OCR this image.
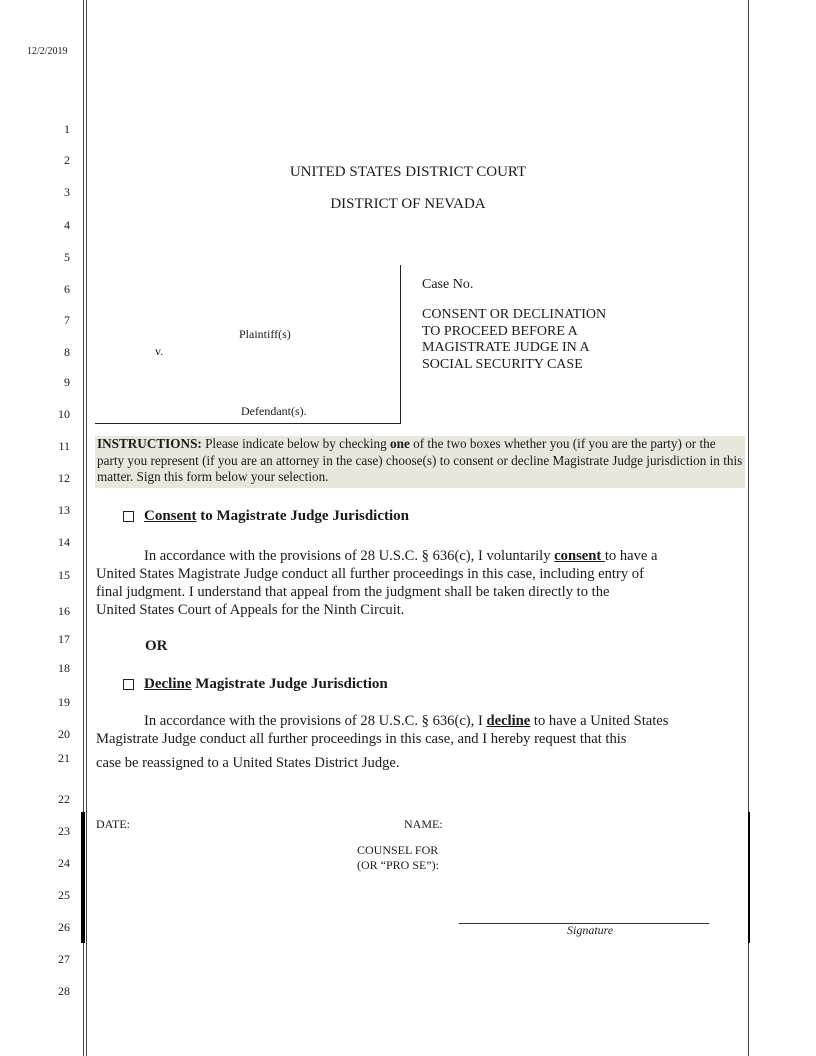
12/2/2019
1
2
3
4
5
6
7
8
9
10
11
12
13
14
15
16
17
18
19
20
21
22
23
24
25
26
27
28
UNITED STATES DISTRICT COURT
DISTRICT OF NEVADA
Plaintiff(s)
v.
Defendant(s).
Case No.
CONSENT OR DECLINATION
TO PROCEED BEFORE A
MAGISTRATE JUDGE IN A
SOCIAL SECURITY CASE
INSTRUCTIONS: Please indicate below by checking one of the two boxes whether you (if you are the party) or the party you represent (if you are an attorney in the case) choose(s) to consent or decline Magistrate Judge jurisdiction in this matter. Sign this form below your selection.
Consent to Magistrate Judge Jurisdiction
In accordance with the provisions of 28 U.S.C. § 636(c), I voluntarily consent to have a
United States Magistrate Judge conduct all further proceedings in this case, including entry of
final judgment. I understand that appeal from the judgment shall be taken directly to the
United States Court of Appeals for the Ninth Circuit.
OR
Decline Magistrate Judge Jurisdiction
In accordance with the provisions of 28 U.S.C. § 636(c), I decline to have a United States
Magistrate Judge conduct all further proceedings in this case, and I hereby request that this
case be reassigned to a United States District Judge.
DATE:	NAME:
COUNSEL FOR
(OR “PRO SE”):
Signature
